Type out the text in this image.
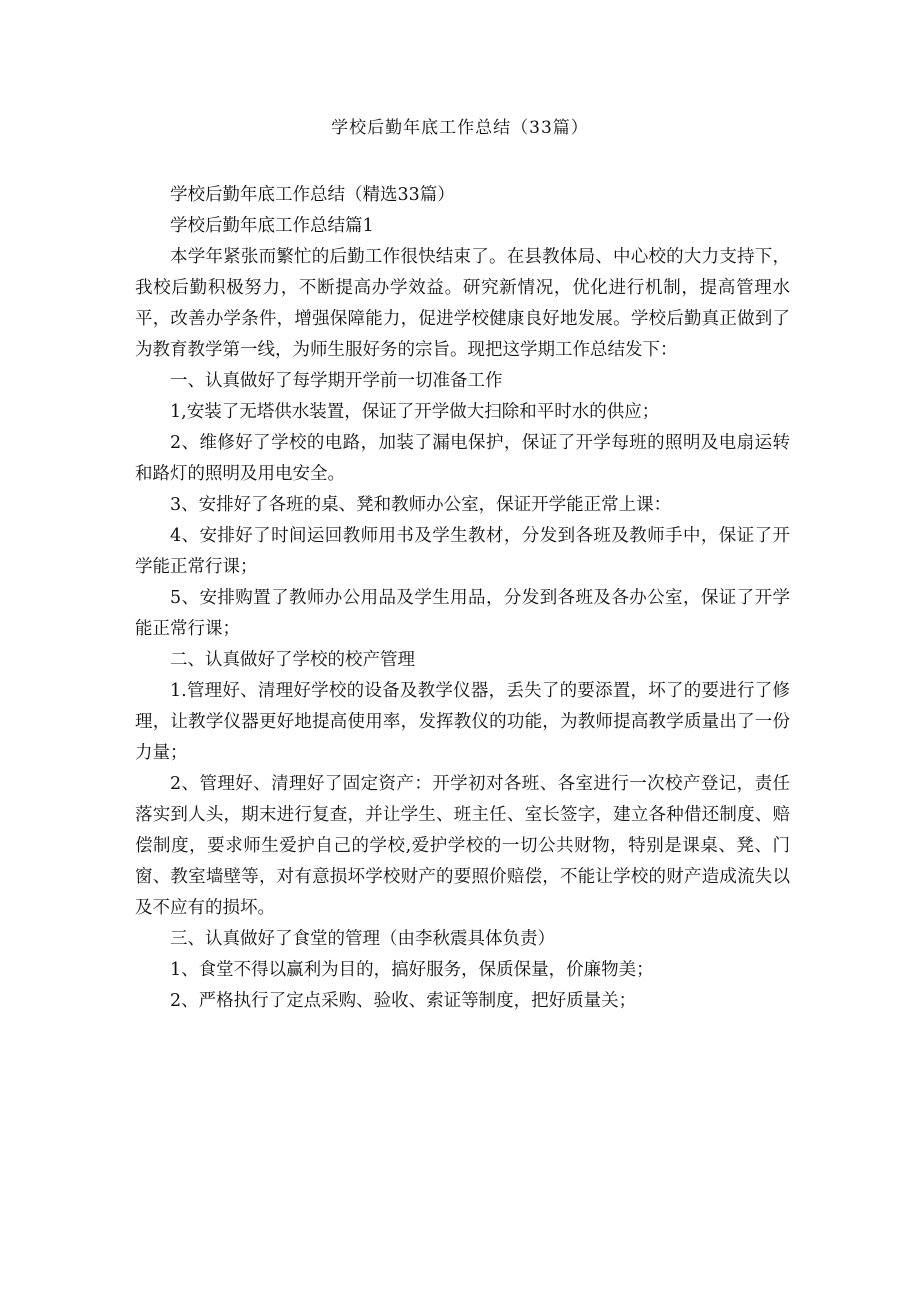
学校后勤年底工作总结（33篇）

学校后勤年底工作总结（精选33篇）

学校后勤年底工作总结篇1

本学年紧张而繁忙的后勤工作很快结束了。在县教体局、中心校的大力支持下，我校后勤积极努力，不断提高办学效益。研究新情况，优化进行机制，提高管理水平，改善办学条件，增强保障能力，促进学校健康良好地发展。学校后勤真正做到了为教育教学第一线，为师生服好务的宗旨。现把这学期工作总结发下：

一、认真做好了每学期开学前一切准备工作

1,安装了无塔供水装置，保证了开学做大扫除和平时水的供应；

2、维修好了学校的电路，加装了漏电保护，保证了开学每班的照明及电扇运转和路灯的照明及用电安全。

3、安排好了各班的桌、凳和教师办公室，保证开学能正常上课：

4、安排好了时间运回教师用书及学生教材，分发到各班及教师手中，保证了开学能正常行课；

5、安排购置了教师办公用品及学生用品，分发到各班及各办公室，保证了开学能正常行课；

二、认真做好了学校的校产管理

1.管理好、清理好学校的设备及教学仪器，丢失了的要添置，坏了的要进行了修理，让教学仪器更好地提高使用率，发挥教仪的功能，为教师提高教学质量出了一份力量；

2、管理好、清理好了固定资产：开学初对各班、各室进行一次校产登记，责任落实到人头，期末进行复查，并让学生、班主任、室长签字，建立各种借还制度、赔偿制度，要求师生爱护自己的学校,爱护学校的一切公共财物，特别是课桌、凳、门窗、教室墙壁等，对有意损坏学校财产的要照价赔偿，不能让学校的财产造成流失以及不应有的损坏。

三、认真做好了食堂的管理（由李秋震具体负责）

1、食堂不得以赢利为目的，搞好服务，保质保量，价廉物美；

2、严格执行了定点采购、验收、索证等制度，把好质量关；
